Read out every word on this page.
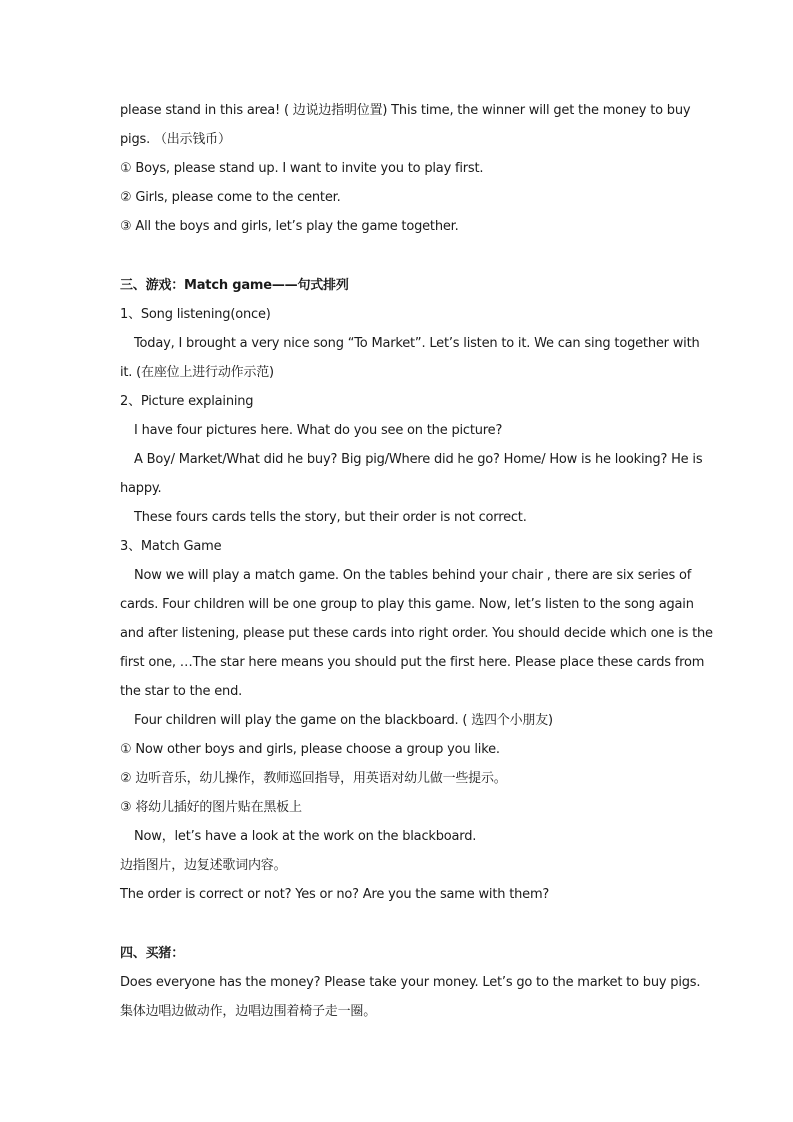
please stand in this area! ( 边说边指明位置) This time, the winner will get the money to buy
pigs. （出示钱币）
① Boys, please stand up. I want to invite you to play first.
② Girls, please come to the center.
③ All the boys and girls, let’s play the game together.
三、游戏：Match game——句式排列
1、Song listening(once)
Today, I brought a very nice song “To Market”. Let’s listen to it. We can sing together with
it. (在座位上进行动作示范)
2、Picture explaining
I have four pictures here. What do you see on the picture?
A Boy/ Market/What did he buy? Big pig/Where did he go? Home/ How is he looking? He is
happy.
These fours cards tells the story, but their order is not correct.
3、Match Game
Now we will play a match game. On the tables behind your chair , there are six series of
cards. Four children will be one group to play this game. Now, let’s listen to the song again
and after listening, please put these cards into right order. You should decide which one is the
first one, …The star here means you should put the first here. Please place these cards from
the star to the end.
Four children will play the game on the blackboard. ( 选四个小朋友)
① Now other boys and girls, please choose a group you like.
② 边听音乐，幼儿操作，教师巡回指导，用英语对幼儿做一些提示。
③ 将幼儿插好的图片贴在黑板上
Now，let’s have a look at the work on the blackboard.
边指图片，边复述歌词内容。
The order is correct or not? Yes or no? Are you the same with them?
四、买猪：
Does everyone has the money? Please take your money. Let’s go to the market to buy pigs.
集体边唱边做动作，边唱边围着椅子走一圈。
